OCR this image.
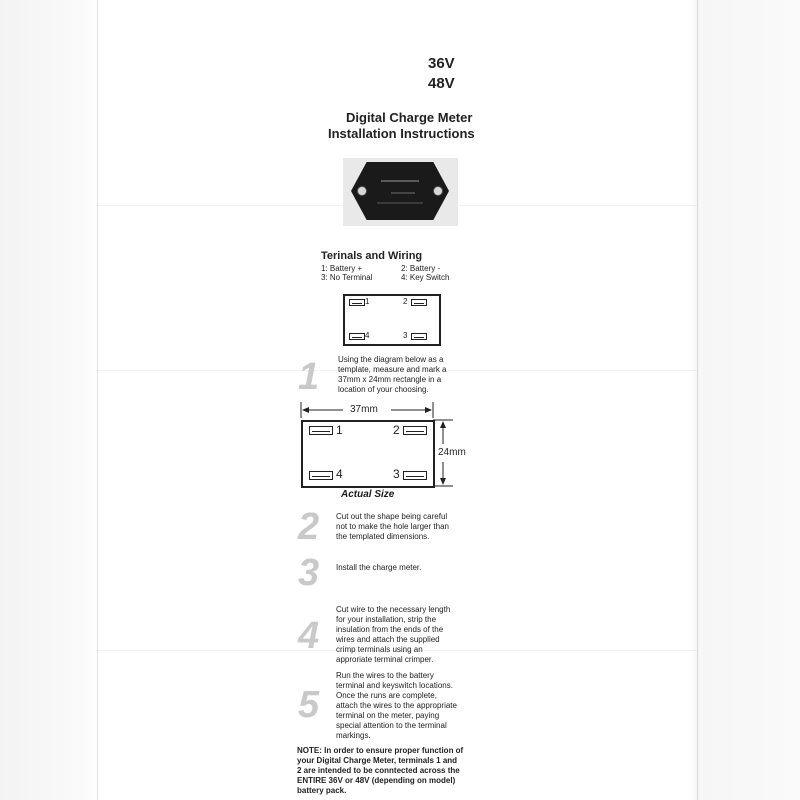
36V
48V
Digital Charge Meter
Installation Instructions
Terinals and Wiring
1: Battery +	2: Battery -
3: No Terminal	4: Key Switch
1	2
4	3
1 Using the diagram below as a
template, measure and mark a
37mm x 24mm rectangle in a
location of your choosing.
37mm
24mm
1	2
4	3
Actual Size
2 Cut out the shape being careful
not to make the hole larger than
the templated dimensions.
3 Install the charge meter.
4
Cut wire to the necessary length
for your installation, strip the
insulation from the ends of the
wires and attach the supplied
crimp terminals using an
approriate terminal crimper.
5
Run the wires to the battery
terminal and keyswitch locations.
Once the runs are complete,
attach the wires to the appropriate
terminal on the meter, paying
special attention to the terminal
markings.
NOTE: In order to ensure proper function of
your Digital Charge Meter, terminals 1 and
2 are intended to be conntected across the
ENTIRE 36V or 48V (depending on model)
battery pack.
